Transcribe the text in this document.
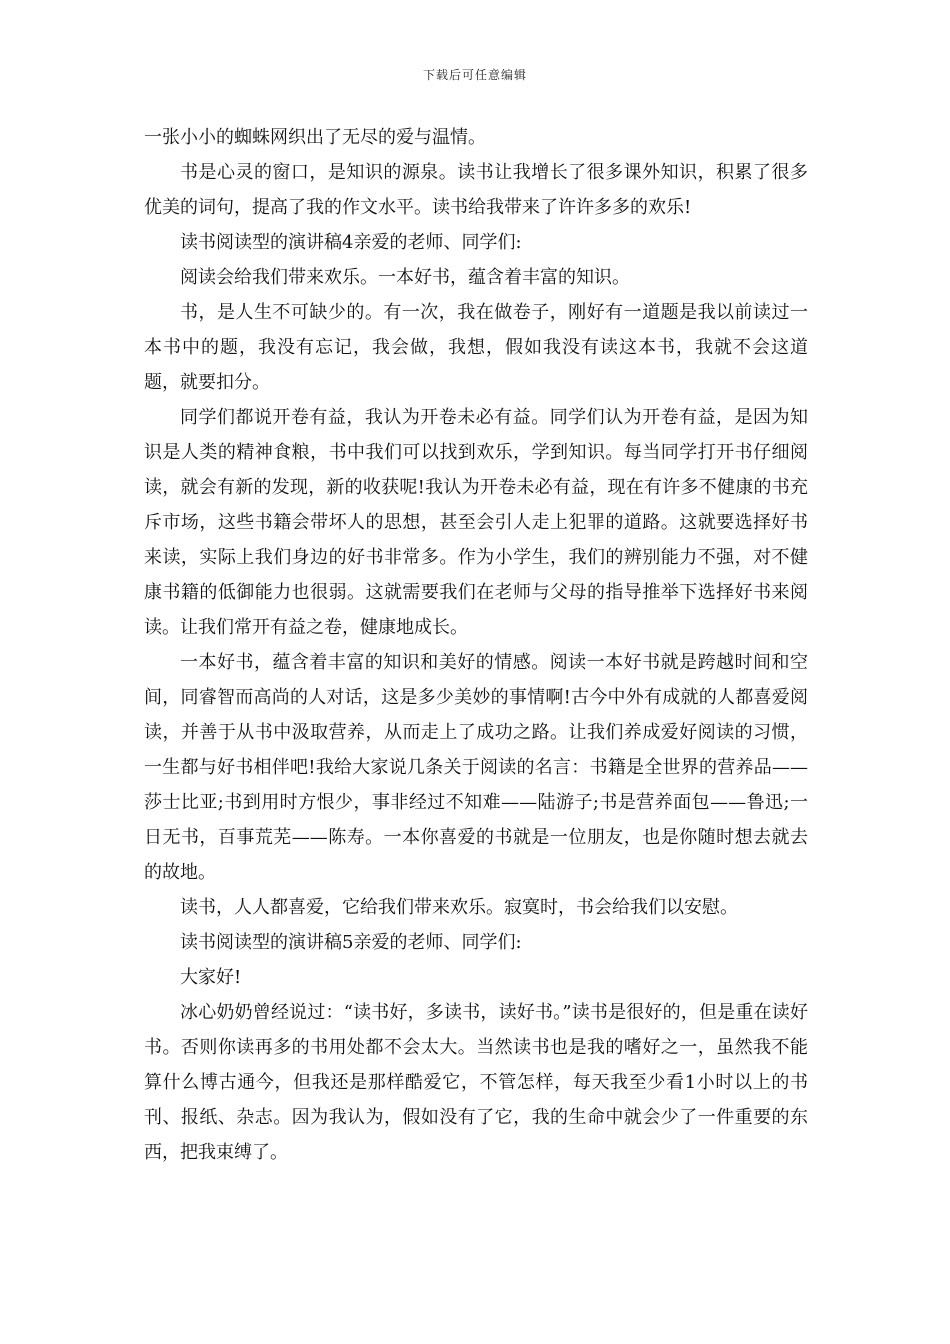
下载后可任意编辑

一张小小的蜘蛛网织出了无尽的爱与温情。

书是心灵的窗口，是知识的源泉。读书让我增长了很多课外知识，积累了很多优美的词句，提高了我的作文水平。读书给我带来了许许多多的欢乐!

读书阅读型的演讲稿4亲爱的老师、同学们:

阅读会给我们带来欢乐。一本好书，蕴含着丰富的知识。

书，是人生不可缺少的。有一次，我在做卷子，刚好有一道题是我以前读过一本书中的题，我没有忘记，我会做，我想，假如我没有读这本书，我就不会这道题，就要扣分。

同学们都说开卷有益，我认为开卷未必有益。同学们认为开卷有益，是因为知识是人类的精神食粮，书中我们可以找到欢乐，学到知识。每当同学打开书仔细阅读，就会有新的发现，新的收获呢!我认为开卷未必有益，现在有许多不健康的书充斥市场，这些书籍会带坏人的思想，甚至会引人走上犯罪的道路。这就要选择好书来读，实际上我们身边的好书非常多。作为小学生，我们的辨别能力不强，对不健康书籍的低御能力也很弱。这就需要我们在老师与父母的指导推举下选择好书来阅读。让我们常开有益之卷，健康地成长。

一本好书，蕴含着丰富的知识和美好的情感。阅读一本好书就是跨越时间和空间，同睿智而高尚的人对话，这是多少美妙的事情啊!古今中外有成就的人都喜爱阅读，并善于从书中汲取营养，从而走上了成功之路。让我们养成爱好阅读的习惯，一生都与好书相伴吧!我给大家说几条关于阅读的名言：书籍是全世界的营养品——莎士比亚;书到用时方恨少，事非经过不知难——陆游子;书是营养面包——鲁迅;一日无书，百事荒芜——陈寿。一本你喜爱的书就是一位朋友，也是你随时想去就去的故地。

读书，人人都喜爱，它给我们带来欢乐。寂寞时，书会给我们以安慰。

读书阅读型的演讲稿5亲爱的老师、同学们:

大家好!

冰心奶奶曾经说过：“读书好，多读书，读好书。”读书是很好的，但是重在读好书。否则你读再多的书用处都不会太大。当然读书也是我的嗜好之一，虽然我不能算什么博古通今，但我还是那样酷爱它，不管怎样，每天我至少看1小时以上的书刊、报纸、杂志。因为我认为，假如没有了它，我的生命中就会少了一件重要的东西，把我束缚了。
